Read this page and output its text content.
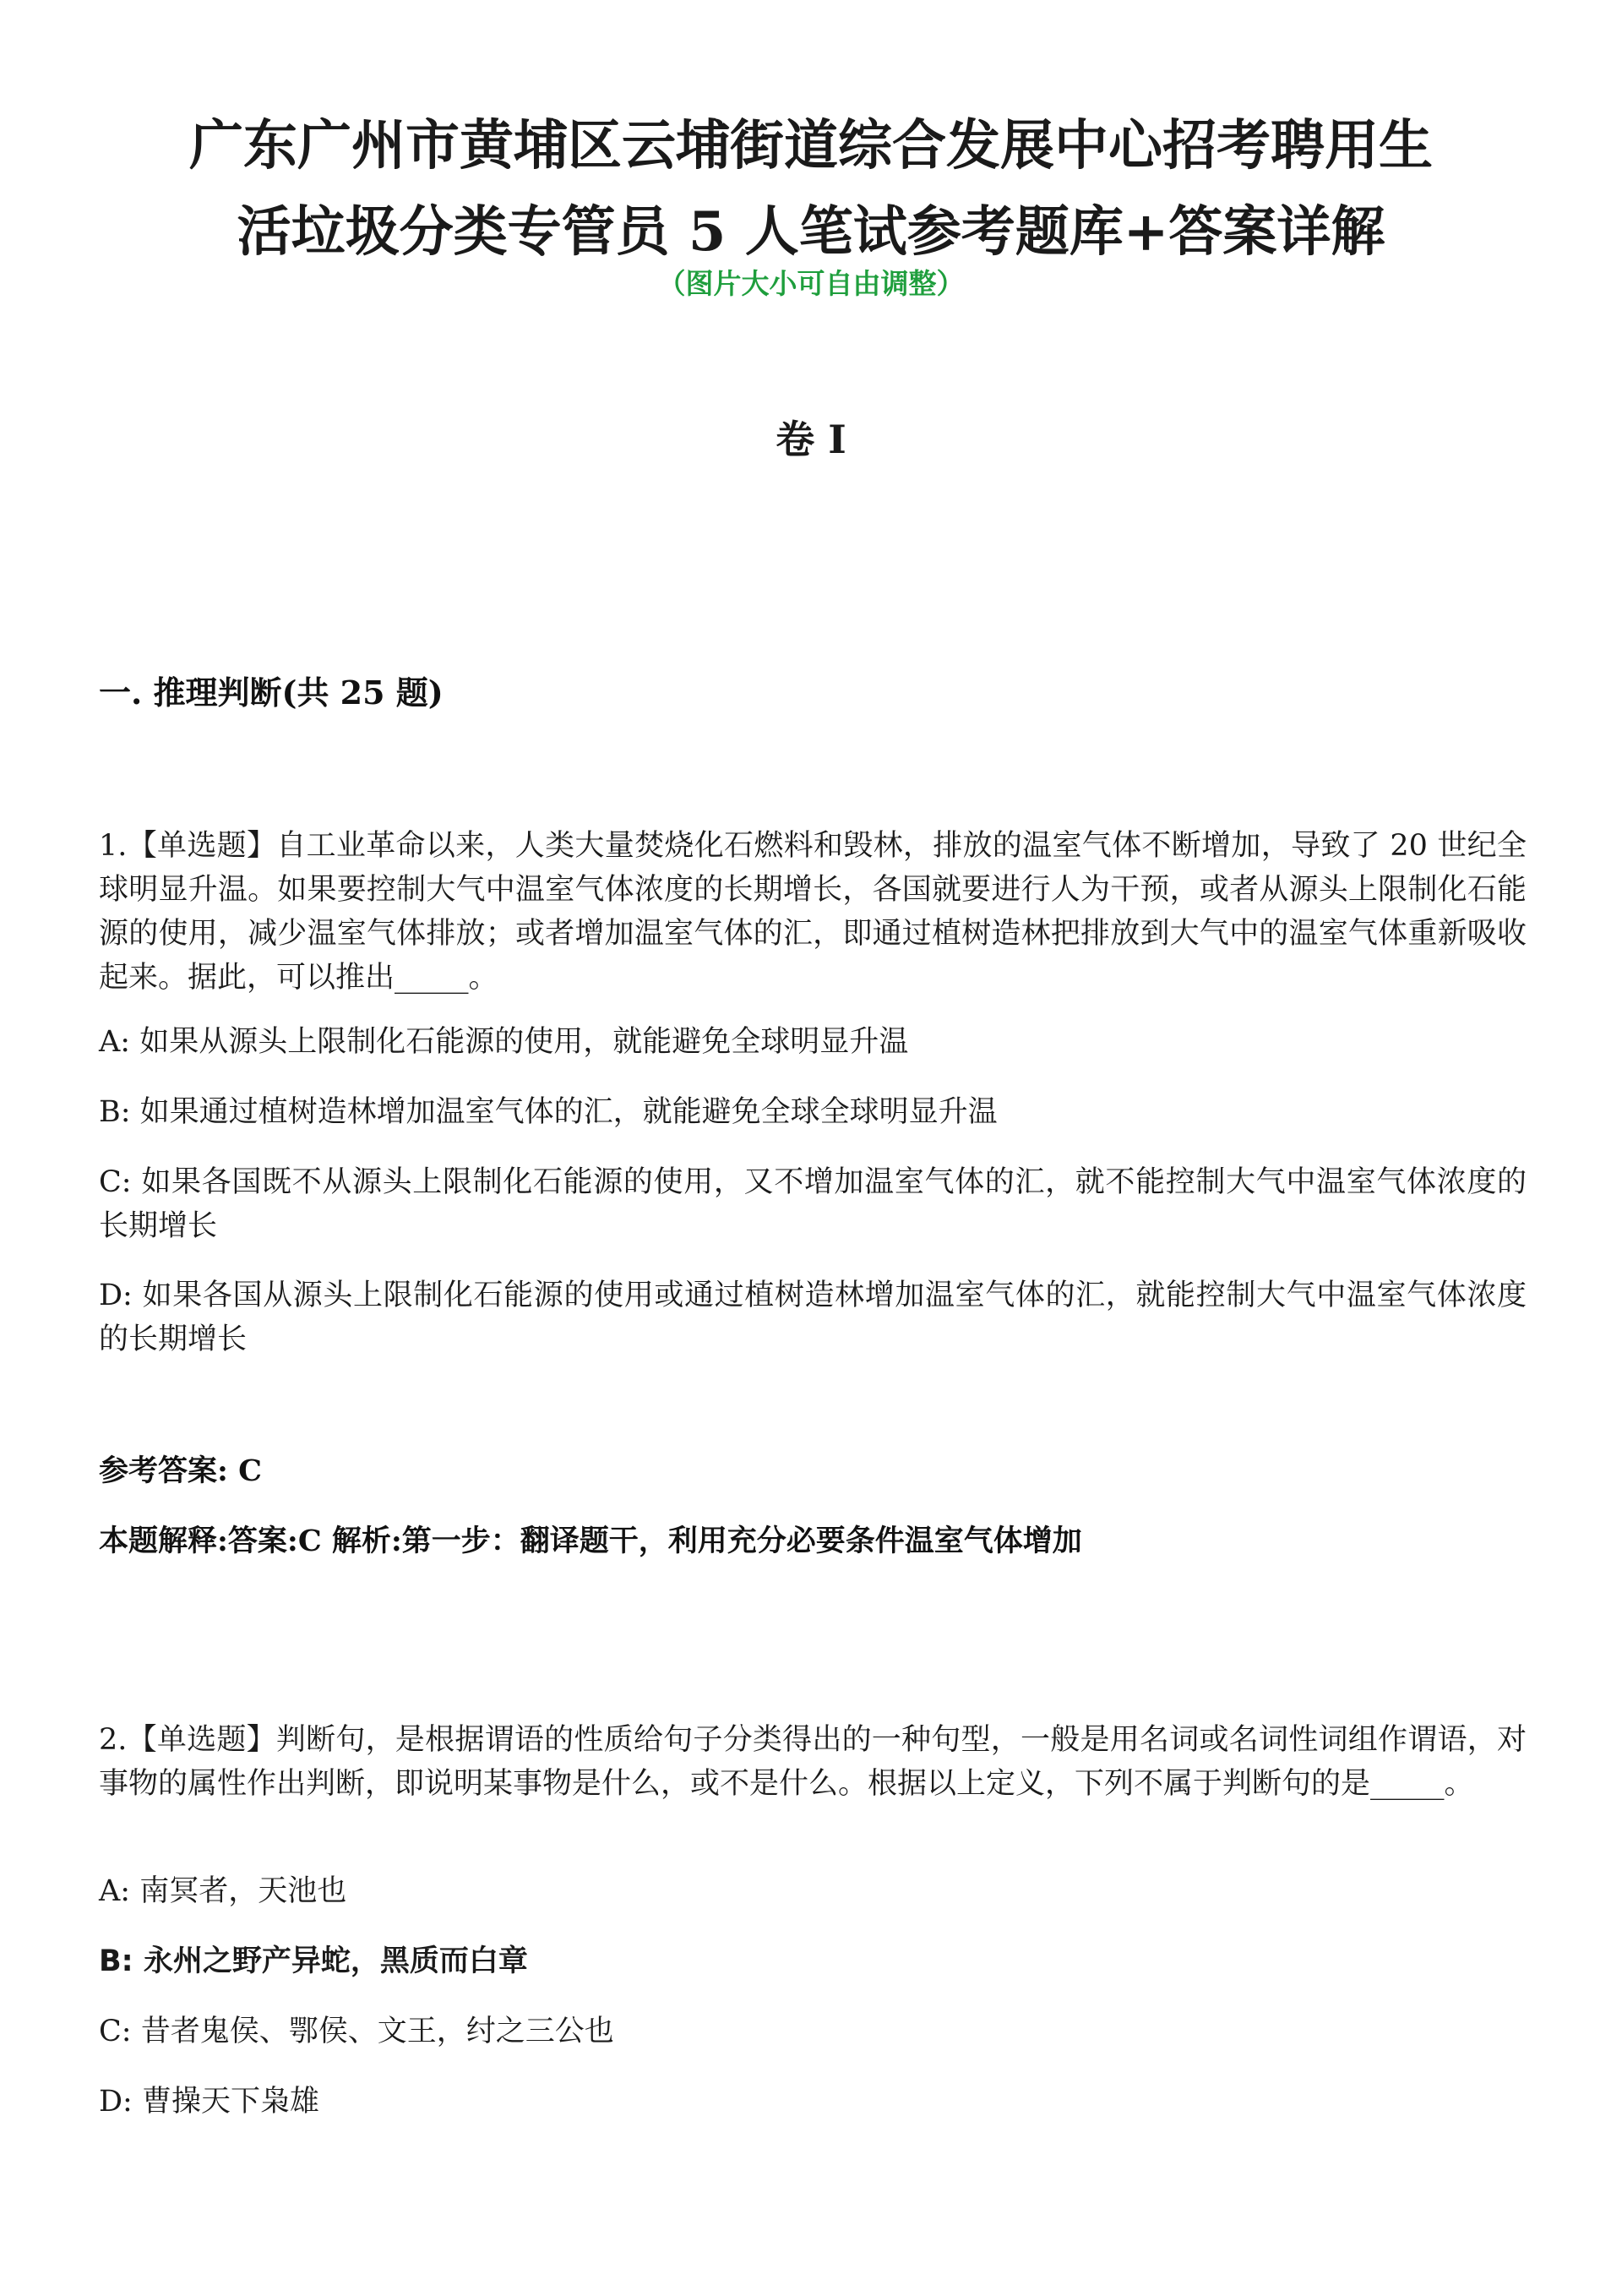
广东广州市黄埔区云埔街道综合发展中心招考聘用生
活垃圾分类专管员 5 人笔试参考题库+答案详解
（图片大小可自由调整）
卷 I
一. 推理判断(共 25 题)
1.【单选题】自工业革命以来，人类大量焚烧化石燃料和毁林，排放的温室气体不断增加，导致了 20 世纪全球明显升温。如果要控制大气中温室气体浓度的长期增长，各国就要进行人为干预，或者从源头上限制化石能源的使用，减少温室气体排放；或者增加温室气体的汇，即通过植树造林把排放到大气中的温室气体重新吸收起来。据此，可以推出_____。
A: 如果从源头上限制化石能源的使用，就能避免全球明显升温
B: 如果通过植树造林增加温室气体的汇，就能避免全球全球明显升温
C: 如果各国既不从源头上限制化石能源的使用，又不增加温室气体的汇，就不能控制大气中温室气体浓度的长期增长
D: 如果各国从源头上限制化石能源的使用或通过植树造林增加温室气体的汇，就能控制大气中温室气体浓度的长期增长
参考答案: C
本题解释:答案:C 解析:第一步：翻译题干，利用充分必要条件温室气体增加
2.【单选题】判断句，是根据谓语的性质给句子分类得出的一种句型，一般是用名词或名词性词组作谓语，对事物的属性作出判断，即说明某事物是什么，或不是什么。根据以上定义，下列不属于判断句的是_____。
A: 南冥者，天池也
B: 永州之野产异蛇，黑质而白章
C: 昔者鬼侯、鄂侯、文王，纣之三公也
D: 曹操天下枭雄
